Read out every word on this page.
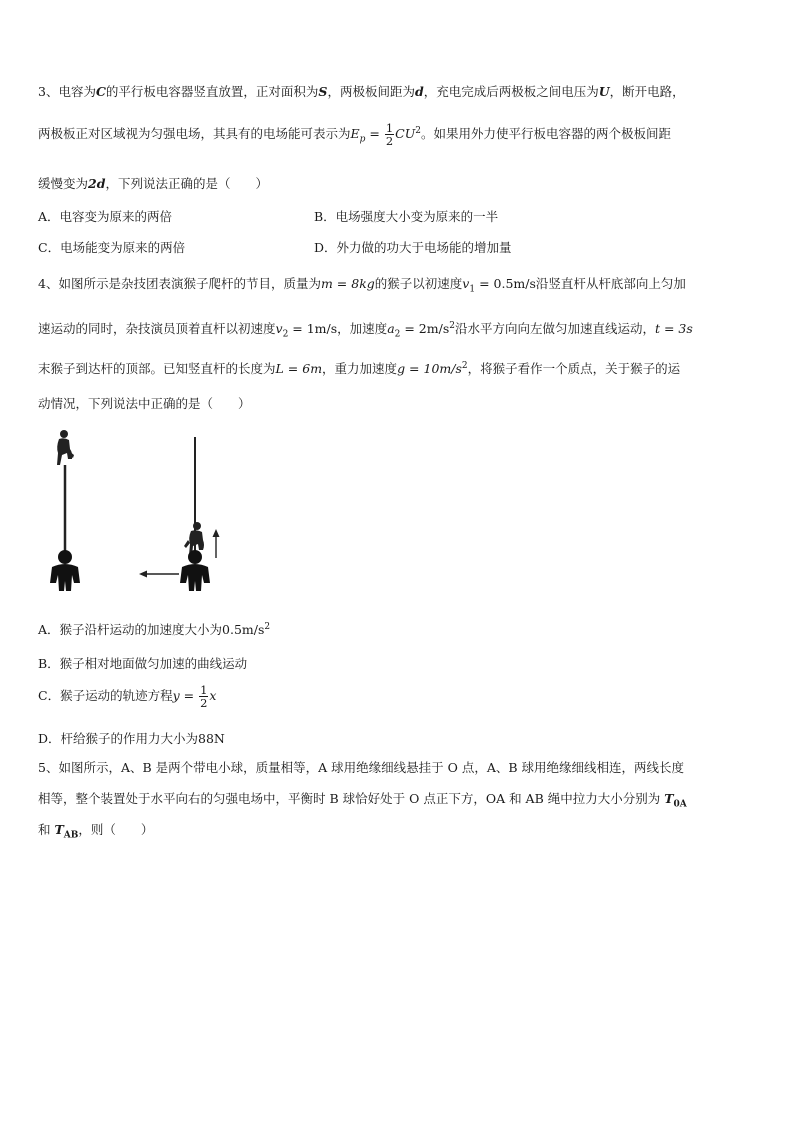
3、电容为C的平行板电容器竖直放置，正对面积为S，两极板间距为d，充电完成后两极板之间电压为U，断开电路，
两极板正对区域视为匀强电场，其具有的电场能可表示为$E_p = \frac{1}{2} CU^2$。如果用外力使平行板电容器的两个极板间距
缓慢变为2d，下列说法正确的是（　　）
A．电容变为原来的两倍	B．电场强度大小变为原来的一半
C．电场能变为原来的两倍	D．外力做的功大于电场能的增加量
4、如图所示是杂技团表演猴子爬杆的节目，质量为m = 8kg的猴子以初速度$v_1 = 0.5m/s$沿竖直杆从杆底部向上匀加
速运动的同时，杂技演员顶着直杆以初速度$v_2 = 1m/s$，加速度$a_2 = 2m/s^2$沿水平方向向左做匀加速直线运动，t = 3s
末猴子到达杆的顶部。已知竖直杆的长度为L = 6m，重力加速度$g = 10m/s^2$，将猴子看作一个质点，关于猴子的运
动情况，下列说法中正确的是（　　）
A．猴子沿杆运动的加速度大小为$0.5m/s^2$
B．猴子相对地面做匀加速的曲线运动
C．猴子运动的轨迹方程$y = \frac{1}{2}$ x
D．杆给猴子的作用力大小为88N
5、如图所示，A、B 是两个带电小球，质量相等，A 球用绝缘细线悬挂于 O 点，A、B 球用绝缘细线相连，两线长度
相等，整个装置处于水平向右的匀强电场中，平衡时 B 球恰好处于 O 点正下方，OA 和 AB 绳中拉力大小分别为 $T_{0A}$
和 $T_{AB}$，则（　　）
